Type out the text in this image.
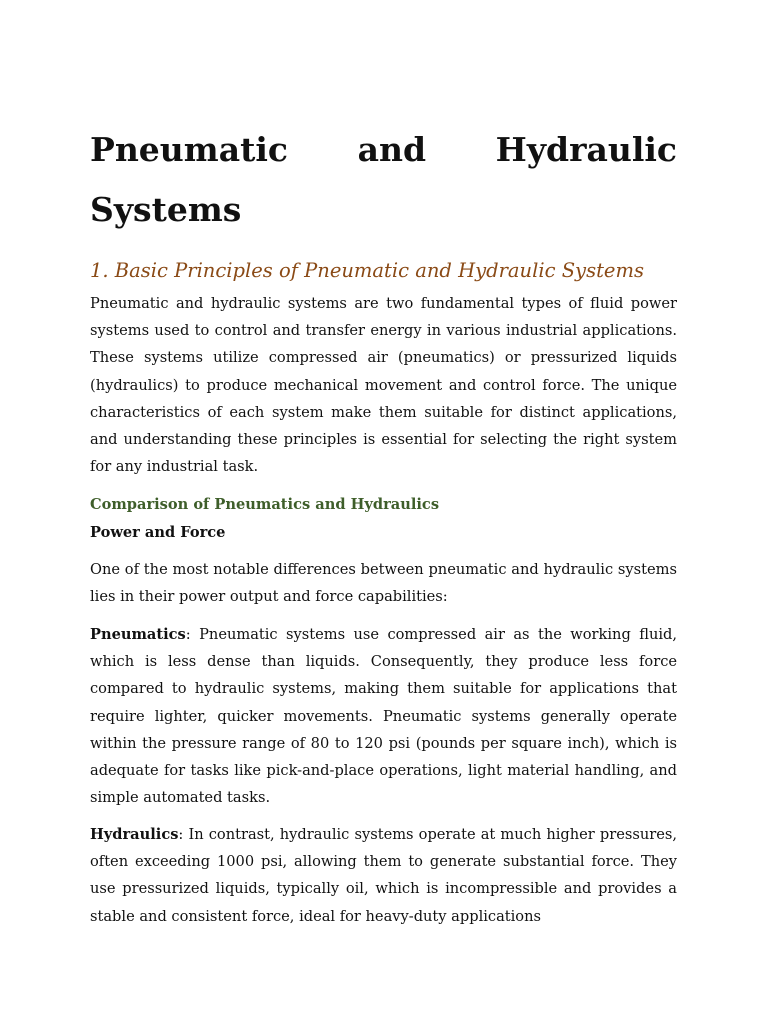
Pneumatic and Hydraulic Systems
1. Basic Principles of Pneumatic and Hydraulic Systems

Pneumatic and hydraulic systems are two fundamental types of fluid power systems used to control and transfer energy in various industrial applications. These systems utilize compressed air (pneumatics) or pressurized liquids (hydraulics) to produce mechanical movement and control force. The unique characteristics of each system make them suitable for distinct applications, and understanding these principles is essential for selecting the right system for any industrial task.

Comparison of Pneumatics and Hydraulics
Power and Force

One of the most notable differences between pneumatic and hydraulic systems lies in their power output and force capabilities:

Pneumatics: Pneumatic systems use compressed air as the working fluid, which is less dense than liquids. Consequently, they produce less force compared to hydraulic systems, making them suitable for applications that require lighter, quicker movements. Pneumatic systems generally operate within the pressure range of 80 to 120 psi (pounds per square inch), which is adequate for tasks like pick-and-place operations, light material handling, and simple automated tasks.

Hydraulics: In contrast, hydraulic systems operate at much higher pressures, often exceeding 1000 psi, allowing them to generate substantial force. They use pressurized liquids, typically oil, which is incompressible and provides a stable and consistent force, ideal for heavy-duty applications
